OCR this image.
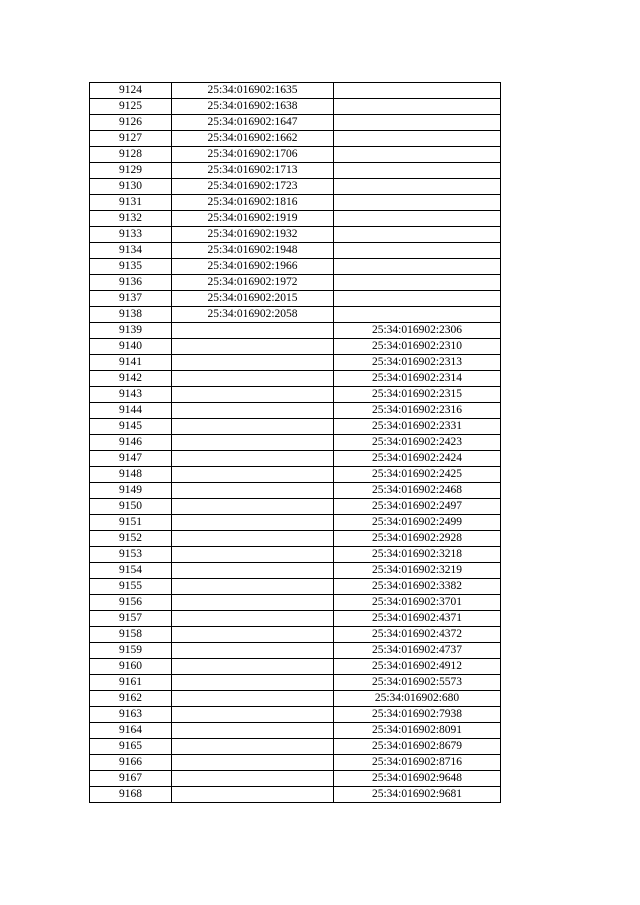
9124	25:34:016902:1635	
9125	25:34:016902:1638	
9126	25:34:016902:1647	
9127	25:34:016902:1662	
9128	25:34:016902:1706	
9129	25:34:016902:1713	
9130	25:34:016902:1723	
9131	25:34:016902:1816	
9132	25:34:016902:1919	
9133	25:34:016902:1932	
9134	25:34:016902:1948	
9135	25:34:016902:1966	
9136	25:34:016902:1972	
9137	25:34:016902:2015	
9138	25:34:016902:2058	
9139		25:34:016902:2306
9140		25:34:016902:2310
9141		25:34:016902:2313
9142		25:34:016902:2314
9143		25:34:016902:2315
9144		25:34:016902:2316
9145		25:34:016902:2331
9146		25:34:016902:2423
9147		25:34:016902:2424
9148		25:34:016902:2425
9149		25:34:016902:2468
9150		25:34:016902:2497
9151		25:34:016902:2499
9152		25:34:016902:2928
9153		25:34:016902:3218
9154		25:34:016902:3219
9155		25:34:016902:3382
9156		25:34:016902:3701
9157		25:34:016902:4371
9158		25:34:016902:4372
9159		25:34:016902:4737
9160		25:34:016902:4912
9161		25:34:016902:5573
9162		25:34:016902:680
9163		25:34:016902:7938
9164		25:34:016902:8091
9165		25:34:016902:8679
9166		25:34:016902:8716
9167		25:34:016902:9648
9168		25:34:016902:9681
